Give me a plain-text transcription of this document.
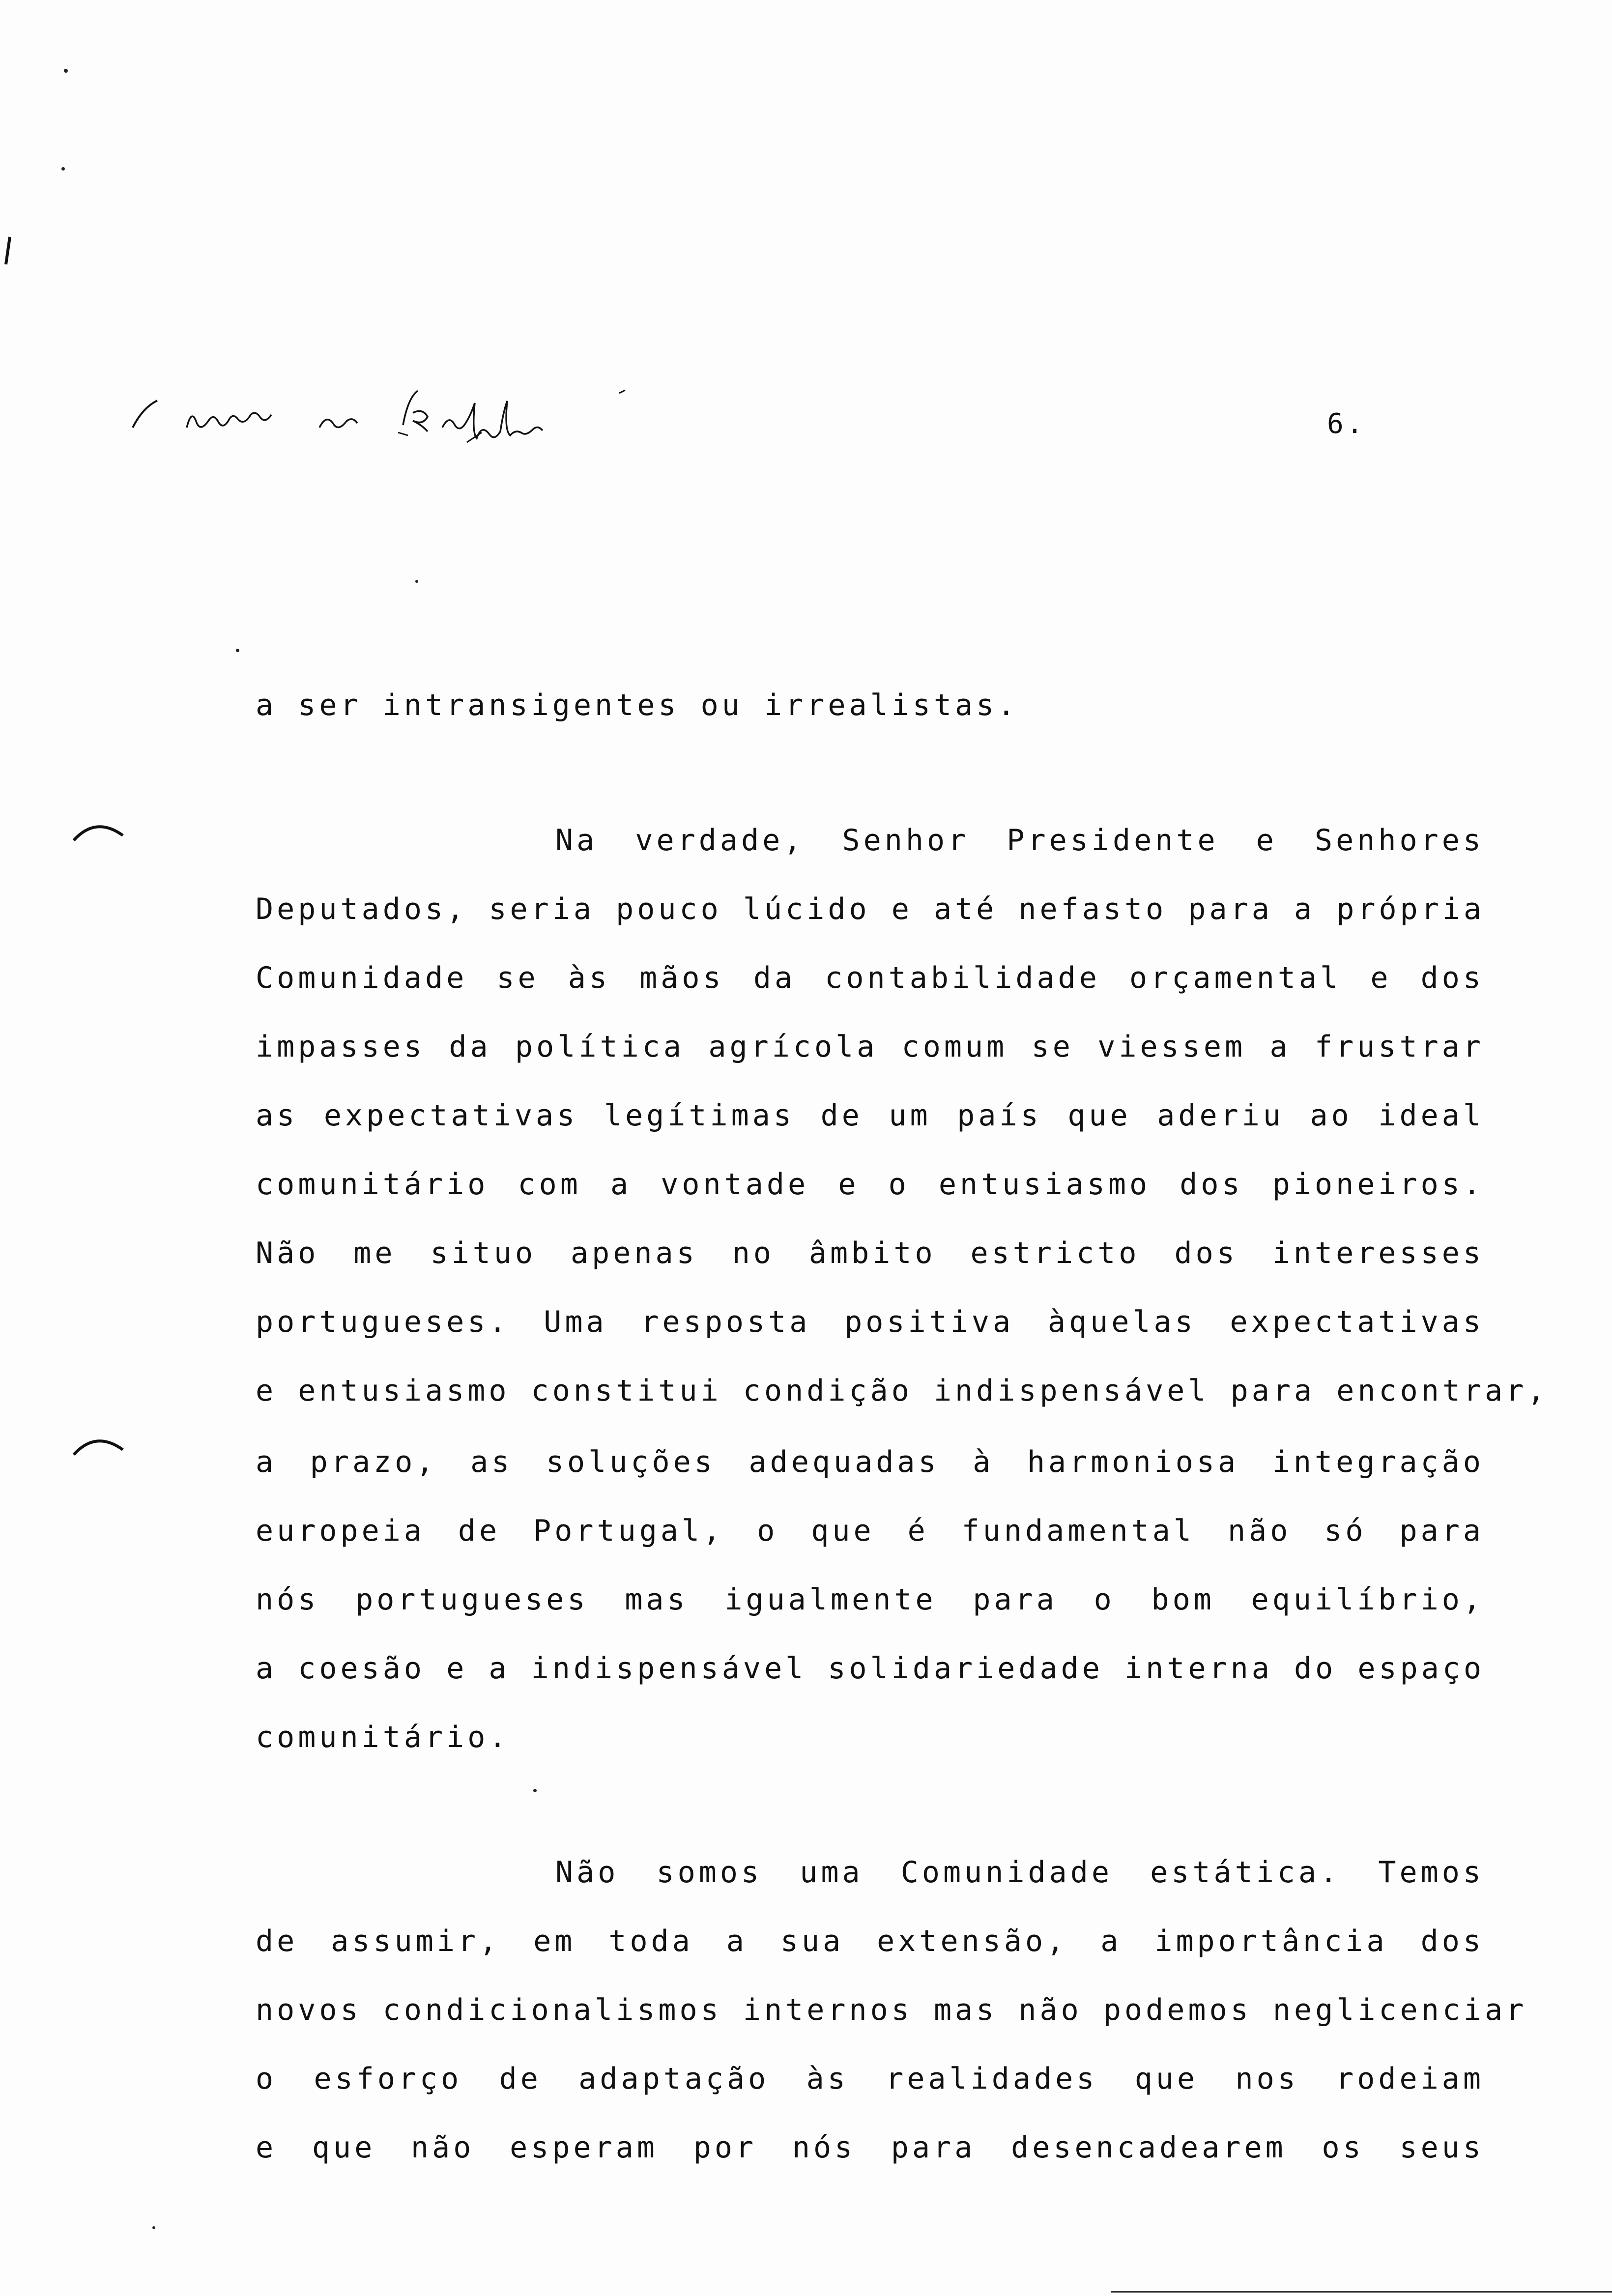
6.
a ser intransigentes ou irrealistas.
Na verdade, Senhor Presidente e Senhores
Deputados, seria pouco lúcido e até nefasto para a própria
Comunidade se às mãos da contabilidade orçamental e dos
impasses da política agrícola comum se viessem a frustrar
as expectativas legítimas de um país que aderiu ao ideal
comunitário com a vontade e o entusiasmo dos pioneiros.
Não me situo apenas no âmbito estricto dos interesses
portugueses. Uma resposta positiva àquelas expectativas
e entusiasmo constitui condição indispensável para encontrar,
a prazo, as soluções adequadas à harmoniosa integração
europeia de Portugal, o que é fundamental não só para
nós portugueses mas igualmente para o bom equilíbrio,
a coesão e a indispensável solidariedade interna do espaço
comunitário.
Não somos uma Comunidade estática. Temos
de assumir, em toda a sua extensão, a importância dos
novos condicionalismos internos mas não podemos neglicenciar
o esforço de adaptação às realidades que nos rodeiam
e que não esperam por nós para desencadearem os seus
